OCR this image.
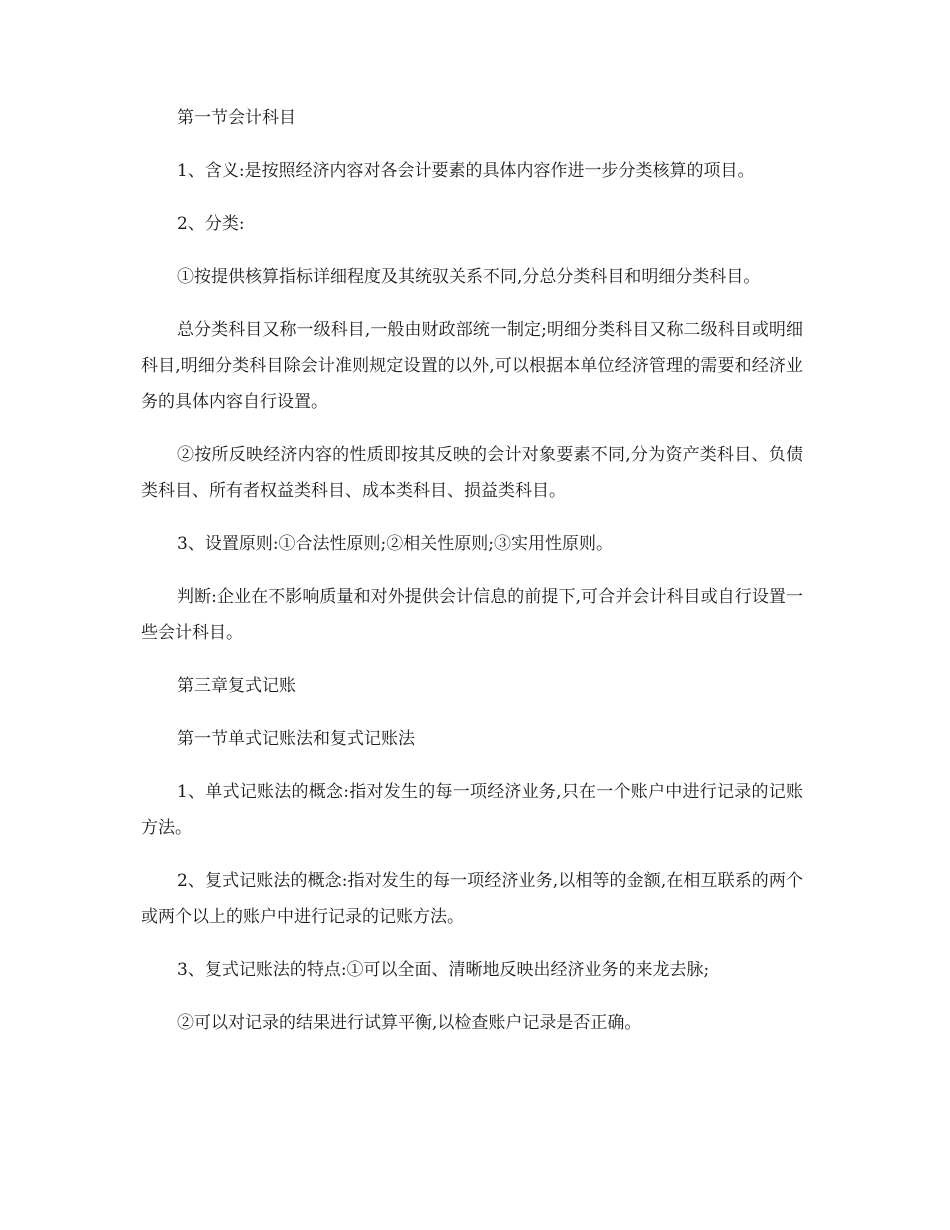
第一节会计科目

1、含义:是按照经济内容对各会计要素的具体内容作进一步分类核算的项目。

2、分类:

①按提供核算指标详细程度及其统驭关系不同,分总分类科目和明细分类科目。

总分类科目又称一级科目,一般由财政部统一制定;明细分类科目又称二级科目或明细科目,明细分类科目除会计准则规定设置的以外,可以根据本单位经济管理的需要和经济业务的具体内容自行设置。

②按所反映经济内容的性质即按其反映的会计对象要素不同,分为资产类科目、负债类科目、所有者权益类科目、成本类科目、损益类科目。

3、设置原则:①合法性原则;②相关性原则;③实用性原则。

判断:企业在不影响质量和对外提供会计信息的前提下,可合并会计科目或自行设置一些会计科目。

第三章复式记账

第一节单式记账法和复式记账法

1、单式记账法的概念:指对发生的每一项经济业务,只在一个账户中进行记录的记账方法。

2、复式记账法的概念:指对发生的每一项经济业务,以相等的金额,在相互联系的两个或两个以上的账户中进行记录的记账方法。

3、复式记账法的特点:①可以全面、清晰地反映出经济业务的来龙去脉;

②可以对记录的结果进行试算平衡,以检查账户记录是否正确。
